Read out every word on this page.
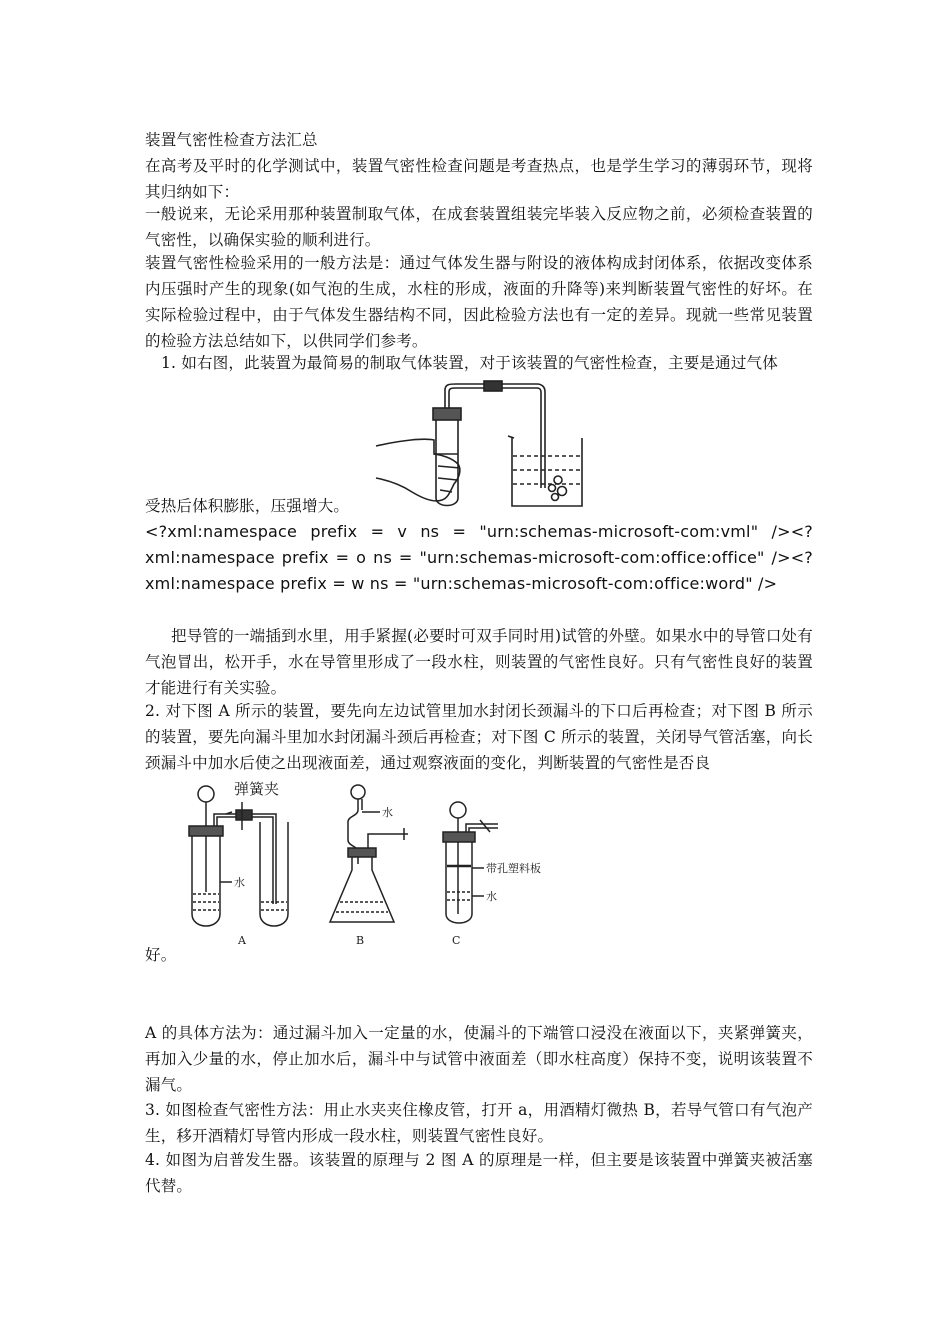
装置气密性检查方法汇总

在高考及平时的化学测试中，装置气密性检查问题是考查热点，也是学生学习的薄弱环节，现将其归纳如下：

一般说来，无论采用那种装置制取气体，在成套装置组装完毕装入反应物之前，必须检查装置的气密性，以确保实验的顺利进行。

装置气密性检验采用的一般方法是：通过气体发生器与附设的液体构成封闭体系，依据改变体系内压强时产生的现象(如气泡的生成，水柱的形成，液面的升降等)来判断装置气密性的好坏。在实际检验过程中，由于气体发生器结构不同，因此检验方法也有一定的差异。现就一些常见装置的检验方法总结如下，以供同学们参考。

1. 如右图，此装置为最简易的制取气体装置，对于该装置的气密性检查，主要是通过气体

受热后体积膨胀，压强增大。

<?xml:namespace prefix = v ns = "urn:schemas-microsoft-com:vml" /><?xml:namespace prefix = o ns = "urn:schemas-microsoft-com:office:office" /><?xml:namespace prefix = w ns = "urn:schemas-microsoft-com:office:word" />

把导管的一端插到水里，用手紧握(必要时可双手同时用)试管的外壁。如果水中的导管口处有气泡冒出，松开手，水在导管里形成了一段水柱，则装置的气密性良好。只有气密性良好的装置才能进行有关实验。

2. 对下图 A 所示的装置，要先向左边试管里加水封闭长颈漏斗的下口后再检查；对下图 B 所示的装置，要先向漏斗里加水封闭漏斗颈后再检查；对下图 C 所示的装置，关闭导气管活塞，向长颈漏斗中加水后使之出现液面差，通过观察液面的变化，判断装置的气密性是否良

弹簧夹
水
水
带孔塑料板
水
A	B	C

好。

A 的具体方法为：通过漏斗加入一定量的水，使漏斗的下端管口浸没在液面以下，夹紧弹簧夹，再加入少量的水，停止加水后，漏斗中与试管中液面差（即水柱高度）保持不变，说明该装置不漏气。

3. 如图检查气密性方法：用止水夹夹住橡皮管，打开 a，用酒精灯微热 B，若导气管口有气泡产生，移开酒精灯导管内形成一段水柱，则装置气密性良好。

4. 如图为启普发生器。该装置的原理与 2 图 A 的原理是一样，但主要是该装置中弹簧夹被活塞代替。
